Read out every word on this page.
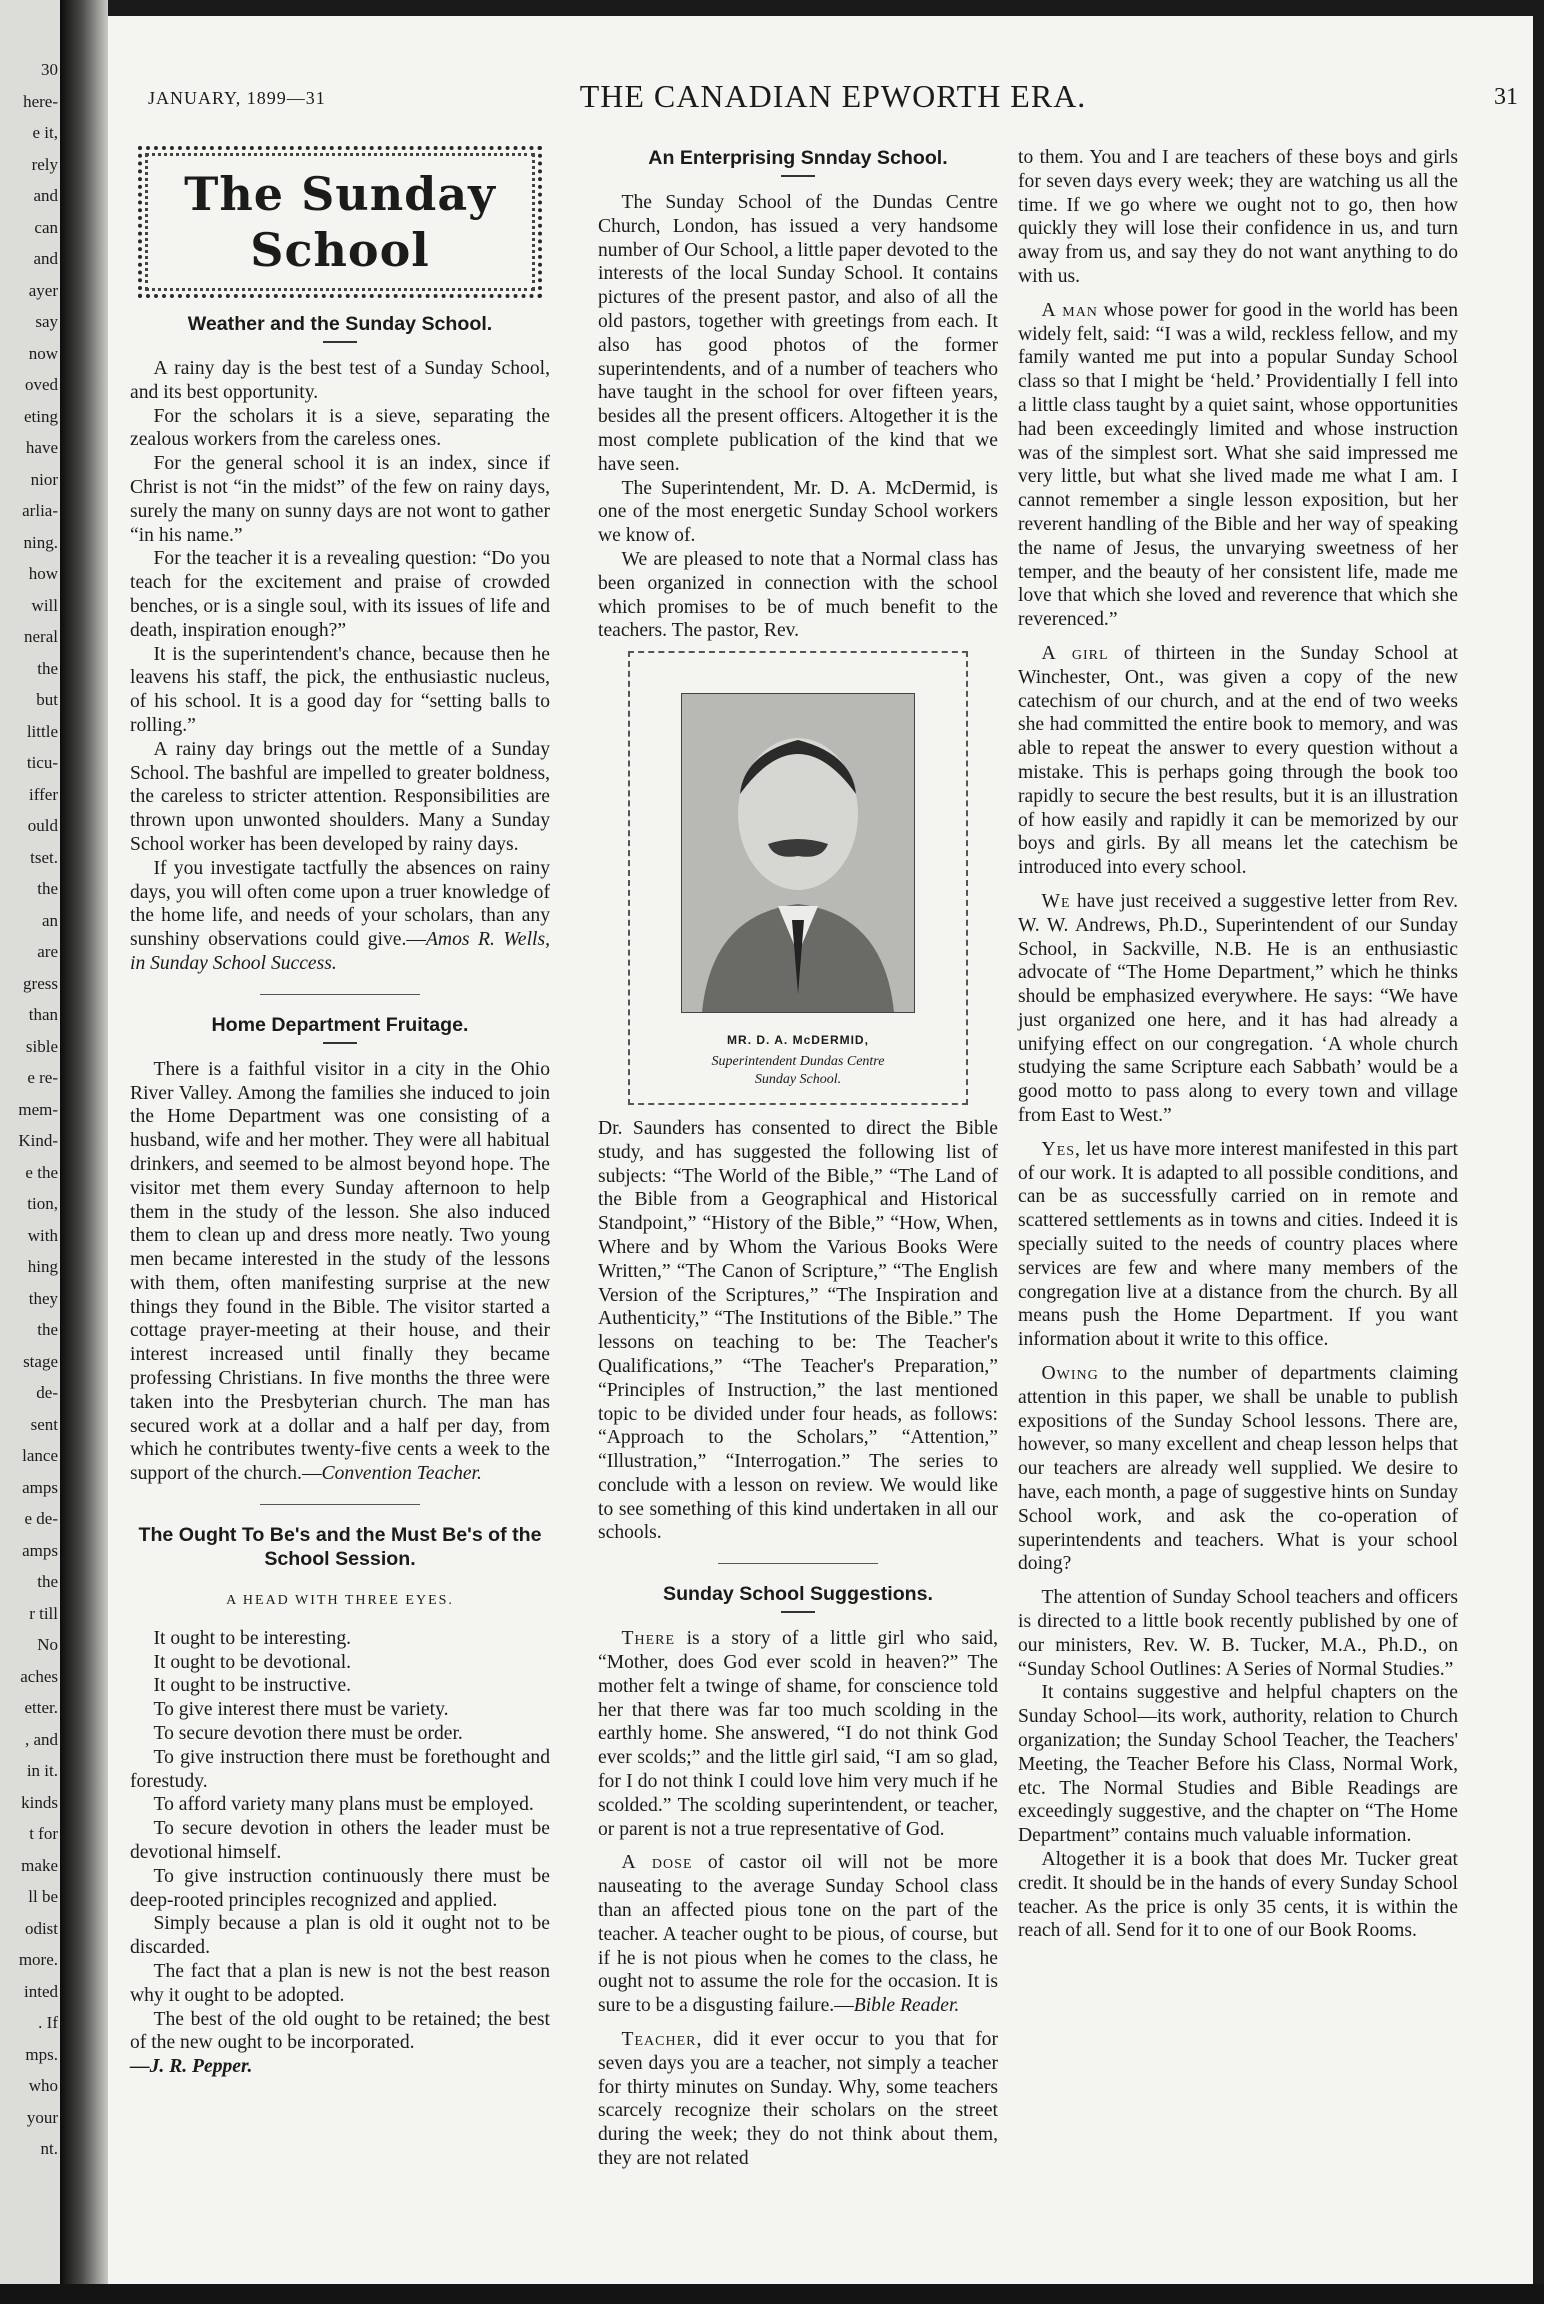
30
here-
e it,
rely
and
can
and
ayer
say
now
oved
eting
have
nior
arlia-
ning.
how
will
neral
the
but
little
ticu-
iffer
ould
tset.
the
an
are
gress
than
sible
e re-
mem-
Kind-
e the
tion,
with
hing
they
the
stage
de-
sent
lance
amps
e de-
amps
the
r till
No
aches
etter.
, and
in it.
kinds
t for
make
ll be
odist
more.
inted
. If
mps.
who
your
nt.
JANUARY, 1899—31	THE CANADIAN EPWORTH ERA.	31
The Sunday School
Weather and the Sunday School.

A rainy day is the best test of a Sunday School, and its best opportunity.

For the scholars it is a sieve, separating the zealous workers from the careless ones.

For the general school it is an index, since if Christ is not “in the midst” of the few on rainy days, surely the many on sunny days are not wont to gather “in his name.”

For the teacher it is a revealing question: “Do you teach for the excitement and praise of crowded benches, or is a single soul, with its issues of life and death, inspiration enough?”

It is the superintendent's chance, because then he leavens his staff, the pick, the enthusiastic nucleus, of his school. It is a good day for “setting balls to rolling.”

A rainy day brings out the mettle of a Sunday School. The bashful are impelled to greater boldness, the careless to stricter attention. Responsibilities are thrown upon unwonted shoulders. Many a Sunday School worker has been developed by rainy days.

If you investigate tactfully the absences on rainy days, you will often come upon a truer knowledge of the home life, and needs of your scholars, than any sunshiny observations could give.—Amos R. Wells, in Sunday School Success.

Home Department Fruitage.

There is a faithful visitor in a city in the Ohio River Valley. Among the families she induced to join the Home Department was one consisting of a husband, wife and her mother. They were all habitual drinkers, and seemed to be almost beyond hope. The visitor met them every Sunday afternoon to help them in the study of the lesson. She also induced them to clean up and dress more neatly. Two young men became interested in the study of the lessons with them, often manifesting surprise at the new things they found in the Bible. The visitor started a cottage prayer-meeting at their house, and their interest increased until finally they became professing Christians. In five months the three were taken into the Presbyterian church. The man has secured work at a dollar and a half per day, from which he contributes twenty-five cents a week to the support of the church.—Convention Teacher.

The Ought To Be's and the Must Be's of the School Session.
A HEAD WITH THREE EYES.

It ought to be interesting.

It ought to be devotional.

It ought to be instructive.

To give interest there must be variety.

To secure devotion there must be order.

To give instruction there must be forethought and forestudy.

To afford variety many plans must be employed.

To secure devotion in others the leader must be devotional himself.

To give instruction continuously there must be deep-rooted principles recognized and applied.

Simply because a plan is old it ought not to be discarded.

The fact that a plan is new is not the best reason why it ought to be adopted.

The best of the old ought to be retained; the best of the new ought to be incorporated.

—J. R. Pepper.

An Enterprising Snnday School.

The Sunday School of the Dundas Centre Church, London, has issued a very handsome number of Our School, a little paper devoted to the interests of the local Sunday School. It contains pictures of the present pastor, and also of all the old pastors, together with greetings from each. It also has good photos of the former superintendents, and of a number of teachers who have taught in the school for over fifteen years, besides all the present officers. Altogether it is the most complete publication of the kind that we have seen.

The Superintendent, Mr. D. A. McDermid, is one of the most energetic Sunday School workers we know of.

We are pleased to note that a Normal class has been organized in connection with the school which promises to be of much benefit to the teachers. The pastor, Rev.

MR. D. A. McDERMID,
Superintendent Dundas Centre
Sunday School.

Dr. Saunders has consented to direct the Bible study, and has suggested the following list of subjects: “The World of the Bible,” “The Land of the Bible from a Geographical and Historical Standpoint,” “History of the Bible,” “How, When, Where and by Whom the Various Books Were Written,” “The Canon of Scripture,” “The English Version of the Scriptures,” “The Inspiration and Authenticity,” “The Institutions of the Bible.” The lessons on teaching to be: The Teacher's Qualifications,” “The Teacher's Preparation,” “Principles of Instruction,” the last mentioned topic to be divided under four heads, as follows: “Approach to the Scholars,” “Attention,” “Illustration,” “Interrogation.” The series to conclude with a lesson on review. We would like to see something of this kind undertaken in all our schools.

Sunday School Suggestions.

There is a story of a little girl who said, “Mother, does God ever scold in heaven?” The mother felt a twinge of shame, for conscience told her that there was far too much scolding in the earthly home. She answered, “I do not think God ever scolds;” and the little girl said, “I am so glad, for I do not think I could love him very much if he scolded.” The scolding superintendent, or teacher, or parent is not a true representative of God.

A dose of castor oil will not be more nauseating to the average Sunday School class than an affected pious tone on the part of the teacher. A teacher ought to be pious, of course, but if he is not pious when he comes to the class, he ought not to assume the role for the occasion. It is sure to be a disgusting failure.—Bible Reader.

Teacher, did it ever occur to you that for seven days you are a teacher, not simply a teacher for thirty minutes on Sunday. Why, some teachers scarcely recognize their scholars on the street during the week; they do not think about them, they are not related

to them. You and I are teachers of these boys and girls for seven days every week; they are watching us all the time. If we go where we ought not to go, then how quickly they will lose their confidence in us, and turn away from us, and say they do not want anything to do with us.

A man whose power for good in the world has been widely felt, said: “I was a wild, reckless fellow, and my family wanted me put into a popular Sunday School class so that I might be ‘held.’ Providentially I fell into a little class taught by a quiet saint, whose opportunities had been exceedingly limited and whose instruction was of the simplest sort. What she said impressed me very little, but what she lived made me what I am. I cannot remember a single lesson exposition, but her reverent handling of the Bible and her way of speaking the name of Jesus, the unvarying sweetness of her temper, and the beauty of her consistent life, made me love that which she loved and reverence that which she reverenced.”

A girl of thirteen in the Sunday School at Winchester, Ont., was given a copy of the new catechism of our church, and at the end of two weeks she had committed the entire book to memory, and was able to repeat the answer to every question without a mistake. This is perhaps going through the book too rapidly to secure the best results, but it is an illustration of how easily and rapidly it can be memorized by our boys and girls. By all means let the catechism be introduced into every school.

We have just received a suggestive letter from Rev. W. W. Andrews, Ph.D., Superintendent of our Sunday School, in Sackville, N.B. He is an enthusiastic advocate of “The Home Department,” which he thinks should be emphasized everywhere. He says: “We have just organized one here, and it has had already a unifying effect on our congregation. ‘A whole church studying the same Scripture each Sabbath’ would be a good motto to pass along to every town and village from East to West.”

Yes, let us have more interest manifested in this part of our work. It is adapted to all possible conditions, and can be as successfully carried on in remote and scattered settlements as in towns and cities. Indeed it is specially suited to the needs of country places where services are few and where many members of the congregation live at a distance from the church. By all means push the Home Department. If you want information about it write to this office.

Owing to the number of departments claiming attention in this paper, we shall be unable to publish expositions of the Sunday School lessons. There are, however, so many excellent and cheap lesson helps that our teachers are already well supplied. We desire to have, each month, a page of suggestive hints on Sunday School work, and ask the co-operation of superintendents and teachers. What is your school doing?

The attention of Sunday School teachers and officers is directed to a little book recently published by one of our ministers, Rev. W. B. Tucker, M.A., Ph.D., on “Sunday School Outlines: A Series of Normal Studies.”

It contains suggestive and helpful chapters on the Sunday School—its work, authority, relation to Church organization; the Sunday School Teacher, the Teachers' Meeting, the Teacher Before his Class, Normal Work, etc. The Normal Studies and Bible Readings are exceedingly suggestive, and the chapter on “The Home Department” contains much valuable information.

Altogether it is a book that does Mr. Tucker great credit. It should be in the hands of every Sunday School teacher. As the price is only 35 cents, it is within the reach of all. Send for it to one of our Book Rooms.
